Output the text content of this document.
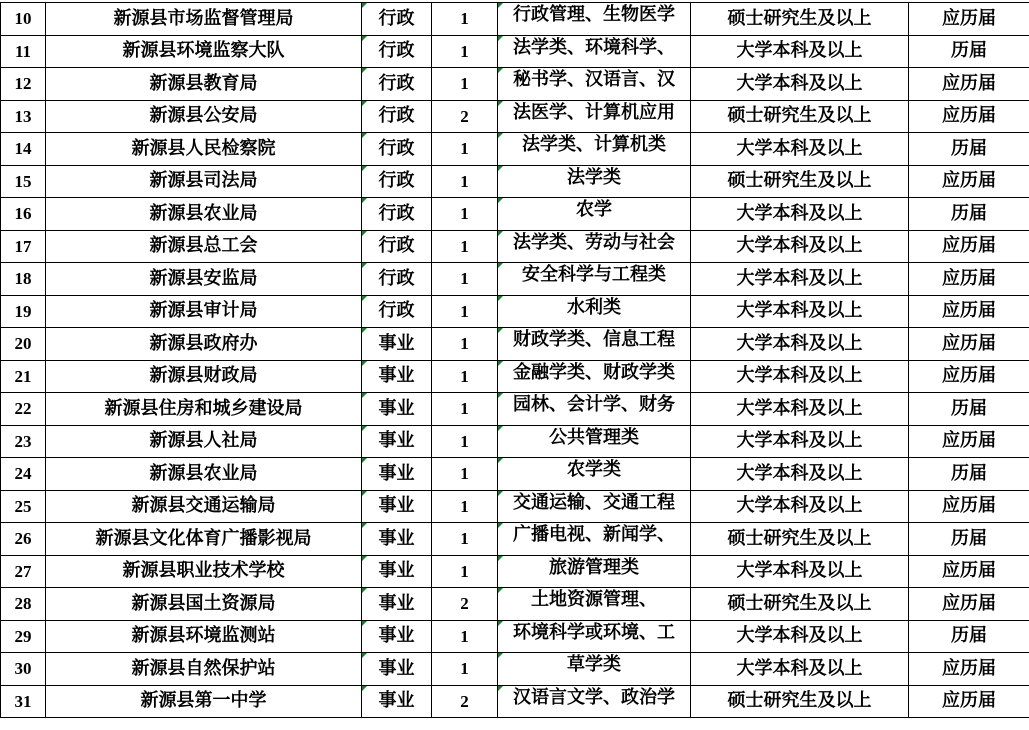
10	新源县市场监督管理局	行政	1	行政管理、生物医学	硕士研究生及以上	应历届
11	新源县环境监察大队	行政	1	法学类、环境科学、	大学本科及以上	历届
12	新源县教育局	行政	1	秘书学、汉语言、汉	大学本科及以上	应历届
13	新源县公安局	行政	2	法医学、计算机应用	硕士研究生及以上	应历届
14	新源县人民检察院	行政	1	法学类、计算机类	大学本科及以上	历届
15	新源县司法局	行政	1	法学类	硕士研究生及以上	应历届
16	新源县农业局	行政	1	农学	大学本科及以上	历届
17	新源县总工会	行政	1	法学类、劳动与社会	大学本科及以上	应历届
18	新源县安监局	行政	1	安全科学与工程类	大学本科及以上	应历届
19	新源县审计局	行政	1	水利类	大学本科及以上	应历届
20	新源县政府办	事业	1	财政学类、信息工程	大学本科及以上	应历届
21	新源县财政局	事业	1	金融学类、财政学类	大学本科及以上	应历届
22	新源县住房和城乡建设局	事业	1	园林、会计学、财务	大学本科及以上	历届
23	新源县人社局	事业	1	公共管理类	大学本科及以上	应历届
24	新源县农业局	事业	1	农学类	大学本科及以上	历届
25	新源县交通运输局	事业	1	交通运输、交通工程	大学本科及以上	应历届
26	新源县文化体育广播影视局	事业	1	广播电视、新闻学、	硕士研究生及以上	历届
27	新源县职业技术学校	事业	1	旅游管理类	大学本科及以上	应历届
28	新源县国土资源局	事业	2	土地资源管理、	硕士研究生及以上	应历届
29	新源县环境监测站	事业	1	环境科学或环境、工	大学本科及以上	历届
30	新源县自然保护站	事业	1	草学类	大学本科及以上	应历届
31	新源县第一中学	事业	2	汉语言文学、政治学	硕士研究生及以上	应历届
